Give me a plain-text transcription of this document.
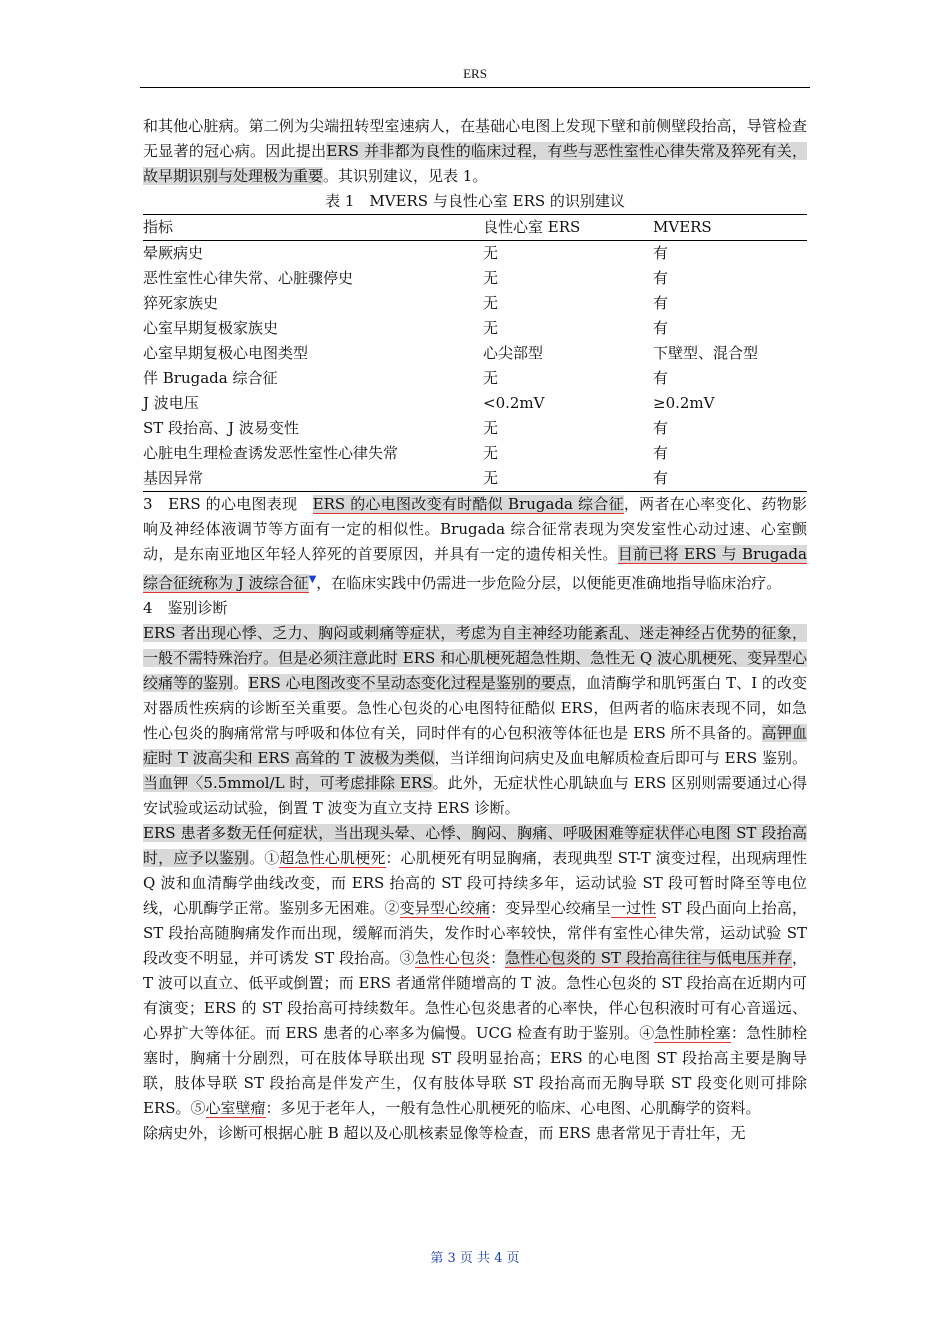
ERS

和其他心脏病。第二例为尖端扭转型室速病人，在基础心电图上发现下壁和前侧壁段抬高，导管检查无显著的冠心病。因此提出ERS 并非都为良性的临床过程，有些与恶性室性心律失常及猝死有关，故早期识别与处理极为重要。其识别建议，见表 1。

表 1　MVERS 与良性心室 ERS 的识别建议

指标	良性心室 ERS	MVERS
晕厥病史	无	有
恶性室性心律失常、心脏骤停史	无	有
猝死家族史	无	有
心室早期复极家族史	无	有
心室早期复极心电图类型	心尖部型	下壁型、混合型
伴 Brugada 综合征	无	有
J 波电压	<0.2mV	≥0.2mV
ST 段抬高、J 波易变性	无	有
心脏电生理检查诱发恶性室性心律失常	无	有
基因异常	无	有

3　ERS 的心电图表现　ERS 的心电图改变有时酷似 Brugada 综合征，两者在心率变化、药物影响及神经体液调节等方面有一定的相似性。Brugada 综合征常表现为突发室性心动过速、心室颤动，是东南亚地区年轻人猝死的首要原因，并具有一定的遗传相关性。目前已将 ERS 与 Brugada 综合征统称为 J 波综合征▼，在临床实践中仍需进一步危险分层，以便能更准确地指导临床治疗。

4　鉴别诊断

ERS 者出现心悸、乏力、胸闷或刺痛等症状，考虑为自主神经功能紊乱、迷走神经占优势的征象，一般不需特殊治疗。但是必须注意此时 ERS 和心肌梗死超急性期、急性无 Q 波心肌梗死、变异型心绞痛等的鉴别。ERS 心电图改变不呈动态变化过程是鉴别的要点，血清酶学和肌钙蛋白 T、I 的改变对器质性疾病的诊断至关重要。急性心包炎的心电图特征酷似 ERS，但两者的临床表现不同，如急性心包炎的胸痛常常与呼吸和体位有关，同时伴有的心包积液等体征也是 ERS 所不具备的。高钾血症时 T 波高尖和 ERS 高耸的 T 波极为类似，当详细询问病史及血电解质检查后即可与 ERS 鉴别。当血钾〈5.5mmol/L 时，可考虑排除 ERS。此外，无症状性心肌缺血与 ERS 区别则需要通过心得安试验或运动试验，倒置 T 波变为直立支持 ERS 诊断。

ERS 患者多数无任何症状，当出现头晕、心悸、胸闷、胸痛、呼吸困难等症状伴心电图 ST 段抬高时，应予以鉴别。①超急性心肌梗死：心肌梗死有明显胸痛，表现典型 ST-T 演变过程，出现病理性 Q 波和血清酶学曲线改变，而 ERS 抬高的 ST 段可持续多年，运动试验 ST 段可暂时降至等电位线，心肌酶学正常。鉴别多无困难。②变异型心绞痛：变异型心绞痛呈一过性 ST 段凸面向上抬高，ST 段抬高随胸痛发作而出现，缓解而消失，发作时心率较快，常伴有室性心律失常，运动试验 ST 段改变不明显，并可诱发 ST 段抬高。③急性心包炎：急性心包炎的 ST 段抬高往往与低电压并存，T 波可以直立、低平或倒置；而 ERS 者通常伴随增高的 T 波。急性心包炎的 ST 段抬高在近期内可有演变；ERS 的 ST 段抬高可持续数年。急性心包炎患者的心率快，伴心包积液时可有心音遥远、心界扩大等体征。而 ERS 患者的心率多为偏慢。UCG 检查有助于鉴别。④急性肺栓塞：急性肺栓塞时，胸痛十分剧烈，可在肢体导联出现 ST 段明显抬高；ERS 的心电图 ST 段抬高主要是胸导联，肢体导联 ST 段抬高是伴发产生，仅有肢体导联 ST 段抬高而无胸导联 ST 段变化则可排除 ERS。⑤心室壁瘤：多见于老年人，一般有急性心肌梗死的临床、心电图、心肌酶学的资料。

除病史外，诊断可根据心脏 B 超以及心肌核素显像等检查，而 ERS 患者常见于青壮年，无

第 3 页 共 4 页
